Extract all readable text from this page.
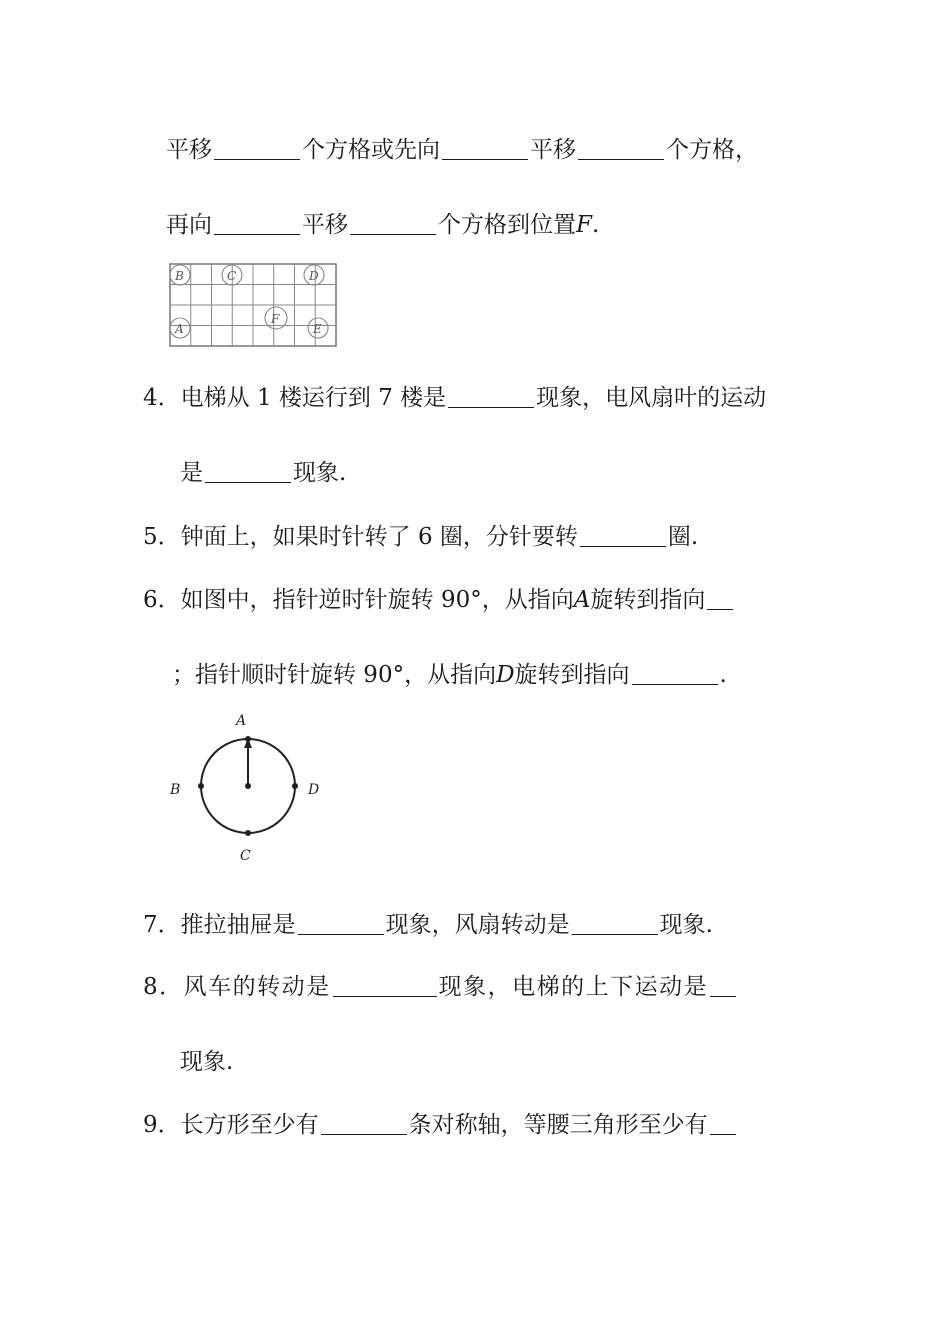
平移	个方格或先向	平移	个方格，
再向	平移	个方格到位置F.
B	C	D
A
F
E
4．电梯从 1 楼运行到 7 楼是	现象，电风扇叶的运动
是	现象.
5．钟面上，如果时针转了 6 圈，分针要转	圈.
6．如图中，指针逆时针旋转 90°，从指向A旋转到指向
；指针顺时针旋转 90°，从指向D旋转到指向	.
A
B	D
C
7．推拉抽屉是	现象，风扇转动是	现象.
8．风车的转动是	现象，电梯的上下运动是
现象.
9．长方形至少有	条对称轴，等腰三角形至少有
